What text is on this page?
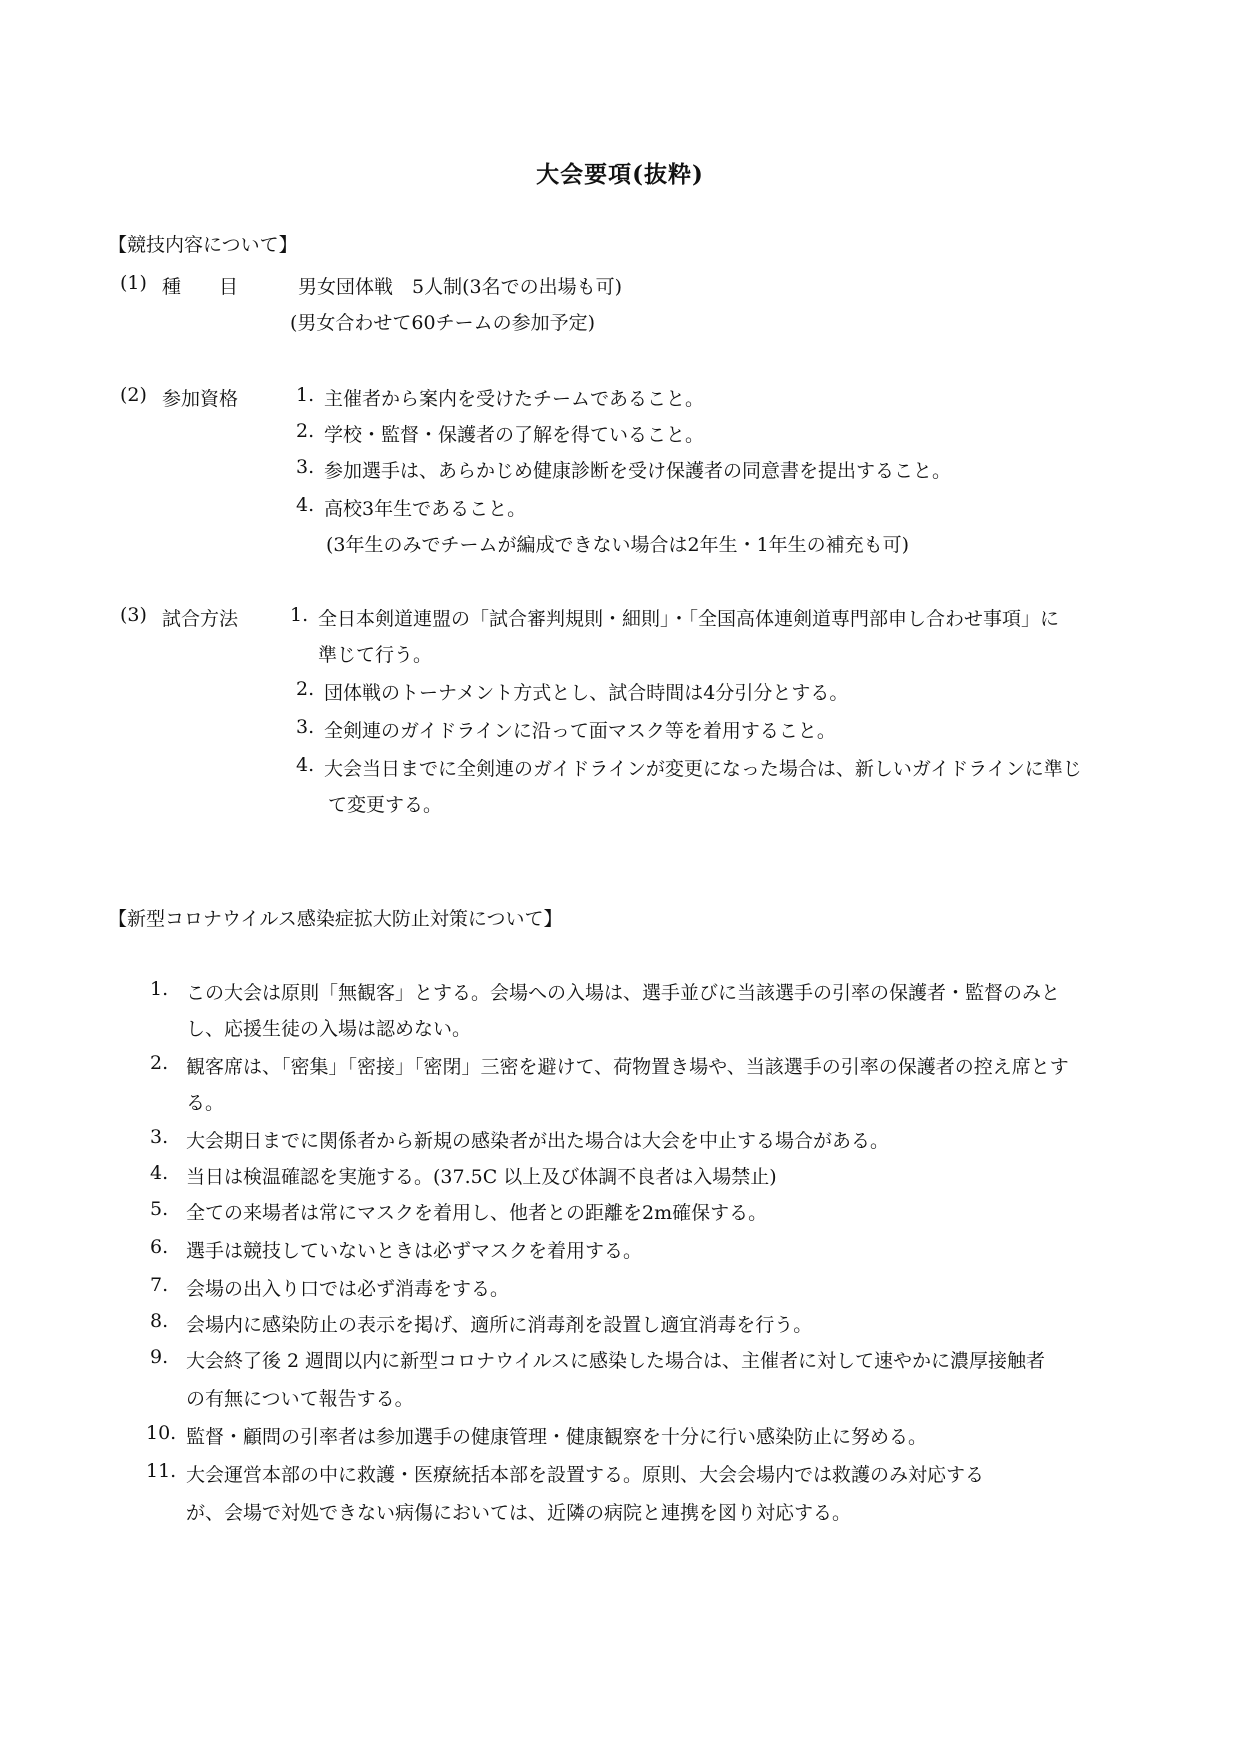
大会要項(抜粋)
【競技内容について】
(1) 種　　目	男女団体戦　5人制(3名での出場も可)
(男女合わせて60チームの参加予定)
(2) 参加資格	1. 主催者から案内を受けたチームであること。
2. 学校・監督・保護者の了解を得ていること。
3. 参加選手は、あらかじめ健康診断を受け保護者の同意書を提出すること。
4. 高校3年生であること。
(3年生のみでチームが編成できない場合は2年生・1年生の補充も可)
(3) 試合方法	1. 全日本剣道連盟の「試合審判規則・細則」・「全国高体連剣道専門部申し合わせ事項」に
準じて行う。
2. 団体戦のトーナメント方式とし、試合時間は4分引分とする。
3. 全剣連のガイドラインに沿って面マスク等を着用すること。
4. 大会当日までに全剣連のガイドラインが変更になった場合は、新しいガイドラインに準じ
て変更する。
【新型コロナウイルス感染症拡大防止対策について】
1. この大会は原則「無観客」とする。会場への入場は、選手並びに当該選手の引率の保護者・監督のみと
し、応援生徒の入場は認めない。
2. 観客席は、「密集」「密接」「密閉」三密を避けて、荷物置き場や、当該選手の引率の保護者の控え席とす
る。
3. 大会期日までに関係者から新規の感染者が出た場合は大会を中止する場合がある。
4. 当日は検温確認を実施する。(37.5C 以上及び体調不良者は入場禁止)
5. 全ての来場者は常にマスクを着用し、他者との距離を2m確保する。
6. 選手は競技していないときは必ずマスクを着用する。
7. 会場の出入り口では必ず消毒をする。
8. 会場内に感染防止の表示を掲げ、適所に消毒剤を設置し適宜消毒を行う。
9. 大会終了後 2 週間以内に新型コロナウイルスに感染した場合は、主催者に対して速やかに濃厚接触者
の有無について報告する。
10. 監督・顧問の引率者は参加選手の健康管理・健康観察を十分に行い感染防止に努める。
11. 大会運営本部の中に救護・医療統括本部を設置する。原則、大会会場内では救護のみ対応する
が、会場で対処できない病傷においては、近隣の病院と連携を図り対応する。
